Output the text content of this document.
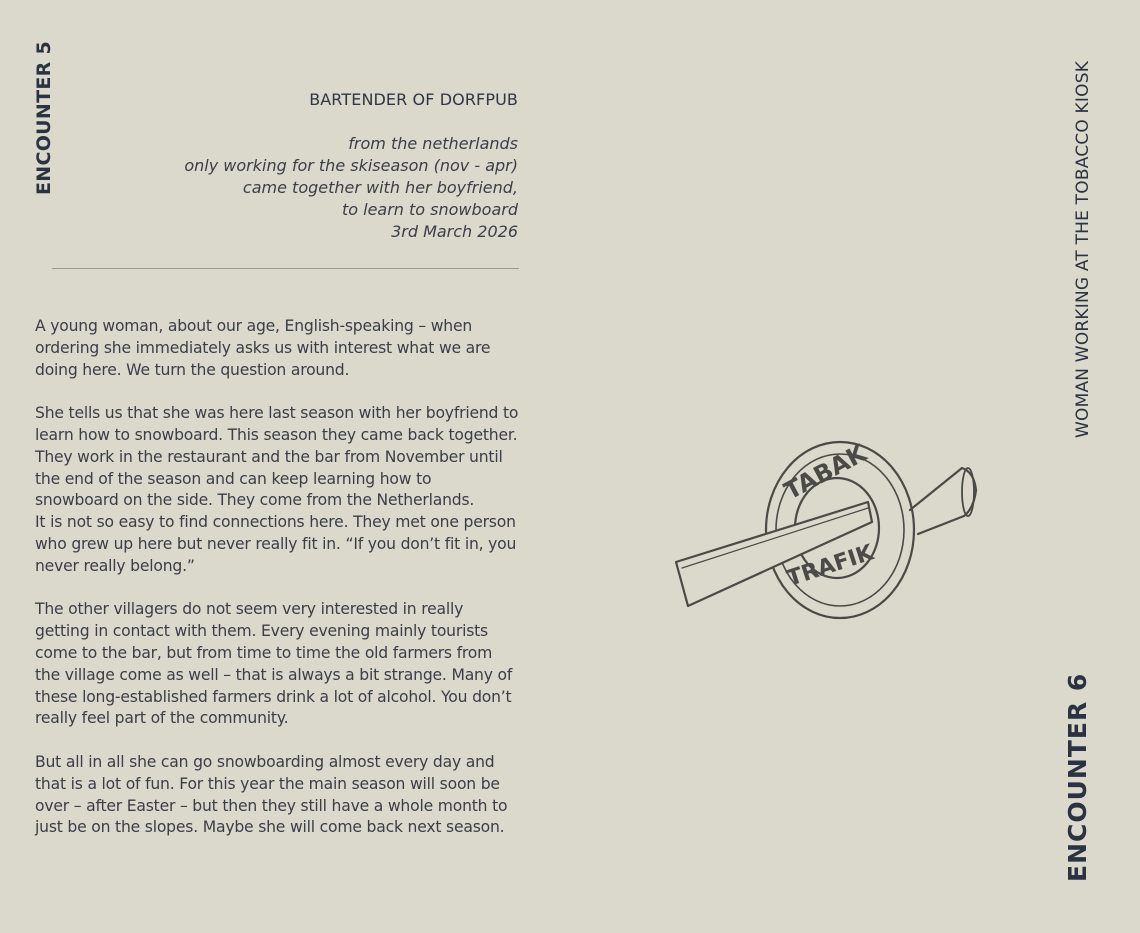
ENCOUNTER 5	WOMAN WORKING AT THE TOBACCO KIOSK
ENCOUNTER 6
BARTENDER OF DORFPUB
from the netherlands
only working for the skiseason (nov - apr)
came together with her boyfriend,
to learn to snowboard
3rd March 2026

A young woman, about our age, English-speaking – when ordering she immediately asks us with interest what we are doing here. We turn the question around.

She tells us that she was here last season with her boyfriend to learn how to snowboard. This season they came back together. They work in the restaurant and the bar from November until the end of the season and can keep learning how to snowboard on the side. They come from the Netherlands.

It is not so easy to find connections here. They met one person who grew up here but never really fit in. “If you don’t fit in, you never really belong.”

The other villagers do not seem very interested in really getting in contact with them. Every evening mainly tourists come to the bar, but from time to time the old farmers from the village come as well – that is always a bit strange. Many of these long-established farmers drink a lot of alcohol. You don’t really feel part of the community.

But all in all she can go snowboarding almost every day and that is a lot of fun. For this year the main season will soon be over – after Easter – but then they still have a whole month to just be on the slopes. Maybe she will come back next season.

TABAK
TRAFIK
